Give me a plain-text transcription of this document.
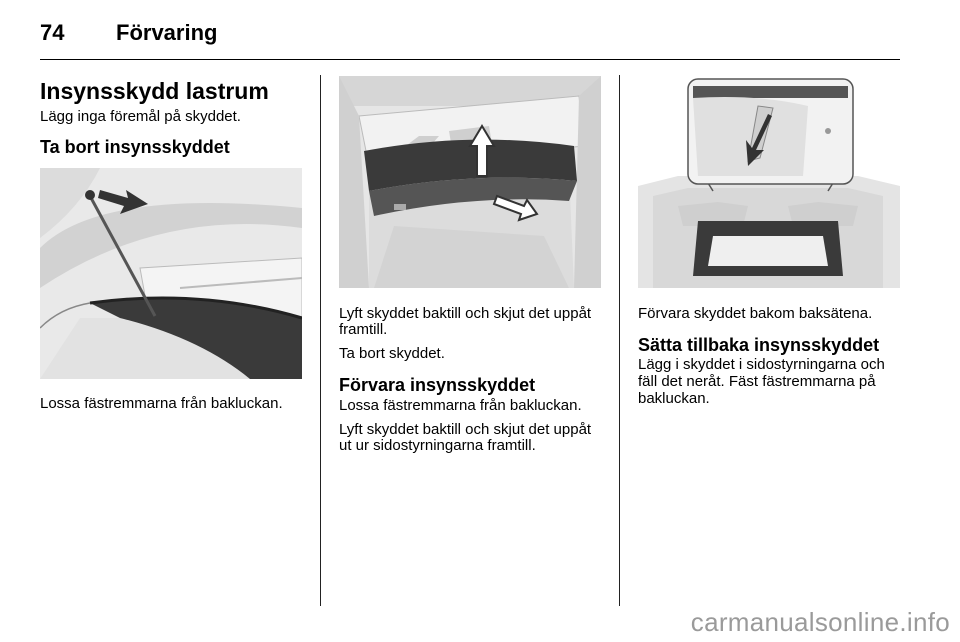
74 Förvaring
Insynsskydd lastrum

Lägg inga föremål på skyddet.

Ta bort insynsskyddet

Lossa fästremmarna från bakluckan.

Lyft skyddet baktill och skjut det uppåt

framtill.

Ta bort skyddet.

Förvara insynsskyddet

Lossa fästremmarna från bakluckan.

Lyft skyddet baktill och skjut det uppåt

ut ur sidostyrningarna framtill.

Förvara skyddet bakom baksätena.

Sätta tillbaka insynsskyddet

Lägg i skyddet i sidostyrningarna och

fäll det neråt. Fäst fästremmarna på

bakluckan.

carmanualsonline.info
